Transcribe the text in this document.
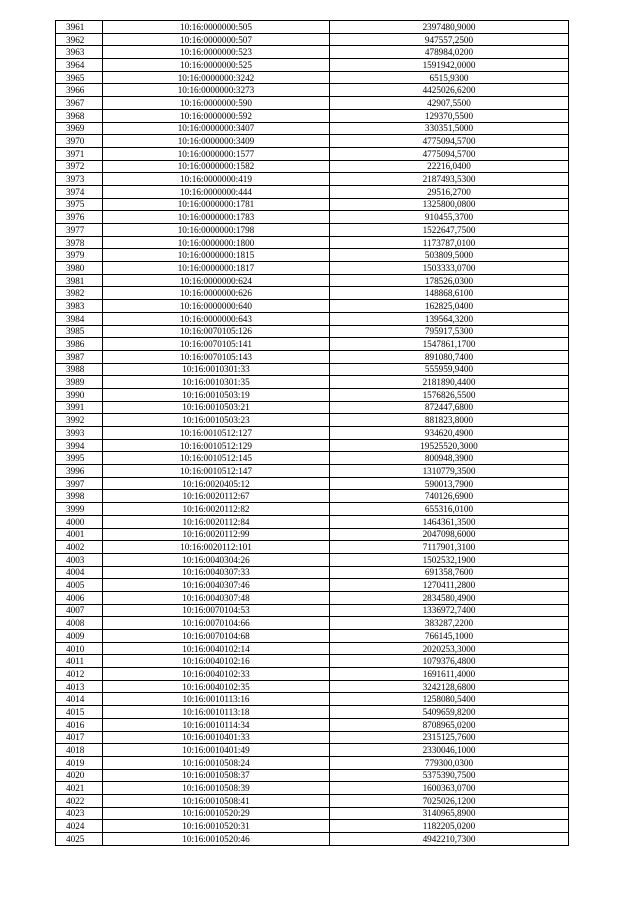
3961	10:16:0000000:505	2397480,9000
3962	10:16:0000000:507	947557,2500
3963	10:16:0000000:523	478984,0200
3964	10:16:0000000:525	1591942,0000
3965	10:16:0000000:3242	6515,9300
3966	10:16:0000000:3273	4425026,6200
3967	10:16:0000000:590	42907,5500
3968	10:16:0000000:592	129370,5500
3969	10:16:0000000:3407	330351,5000
3970	10:16:0000000:3409	4775094,5700
3971	10:16:0000000:1577	4775094,5700
3972	10:16:0000000:1582	22216,0400
3973	10:16:0000000:419	2187493,5300
3974	10:16:0000000:444	29516,2700
3975	10:16:0000000:1781	1325800,0800
3976	10:16:0000000:1783	910455,3700
3977	10:16:0000000:1798	1522647,7500
3978	10:16:0000000:1800	1173787,0100
3979	10:16:0000000:1815	503809,5000
3980	10:16:0000000:1817	1503333,0700
3981	10:16:0000000:624	178526,0300
3982	10:16:0000000:626	148868,6100
3983	10:16:0000000:640	162825,0400
3984	10:16:0000000:643	139564,3200
3985	10:16:0070105:126	795917,5300
3986	10:16:0070105:141	1547861,1700
3987	10:16:0070105:143	891080,7400
3988	10:16:0010301:33	555959,9400
3989	10:16:0010301:35	2181890,4400
3990	10:16:0010503:19	1576826,5500
3991	10:16:0010503:21	872447,6800
3992	10:16:0010503:23	881823,8000
3993	10:16:0010512:127	934620,4900
3994	10:16:0010512:129	19525520,3000
3995	10:16:0010512:145	800948,3900
3996	10:16:0010512:147	1310779,3500
3997	10:16:0020405:12	590013,7900
3998	10:16:0020112:67	740126,6900
3999	10:16:0020112:82	655316,0100
4000	10:16:0020112:84	1464361,3500
4001	10:16:0020112:99	2047098,6000
4002	10:16:0020112:101	7117901,3100
4003	10:16:0040304:26	1502532,1900
4004	10:16:0040307:33	691358,7600
4005	10:16:0040307:46	1270411,2800
4006	10:16:0040307:48	2834580,4900
4007	10:16:0070104:53	1336972,7400
4008	10:16:0070104:66	383287,2200
4009	10:16:0070104:68	766145,1000
4010	10:16:0040102:14	2020253,3000
4011	10:16:0040102:16	1079376,4800
4012	10:16:0040102:33	1691611,4000
4013	10:16:0040102:35	3242128,6800
4014	10:16:0010113:16	1258080,5400
4015	10:16:0010113:18	5409659,8200
4016	10:16:0010114:34	8708965,0200
4017	10:16:0010401:33	2315125,7600
4018	10:16:0010401:49	2330046,1000
4019	10:16:0010508:24	779300,0300
4020	10:16:0010508:37	5375390,7500
4021	10:16:0010508:39	1600363,0700
4022	10:16:0010508:41	7025026,1200
4023	10:16:0010520:29	3140965,8900
4024	10:16:0010520:31	1182205,0200
4025	10:16:0010520:46	4942210,7300
